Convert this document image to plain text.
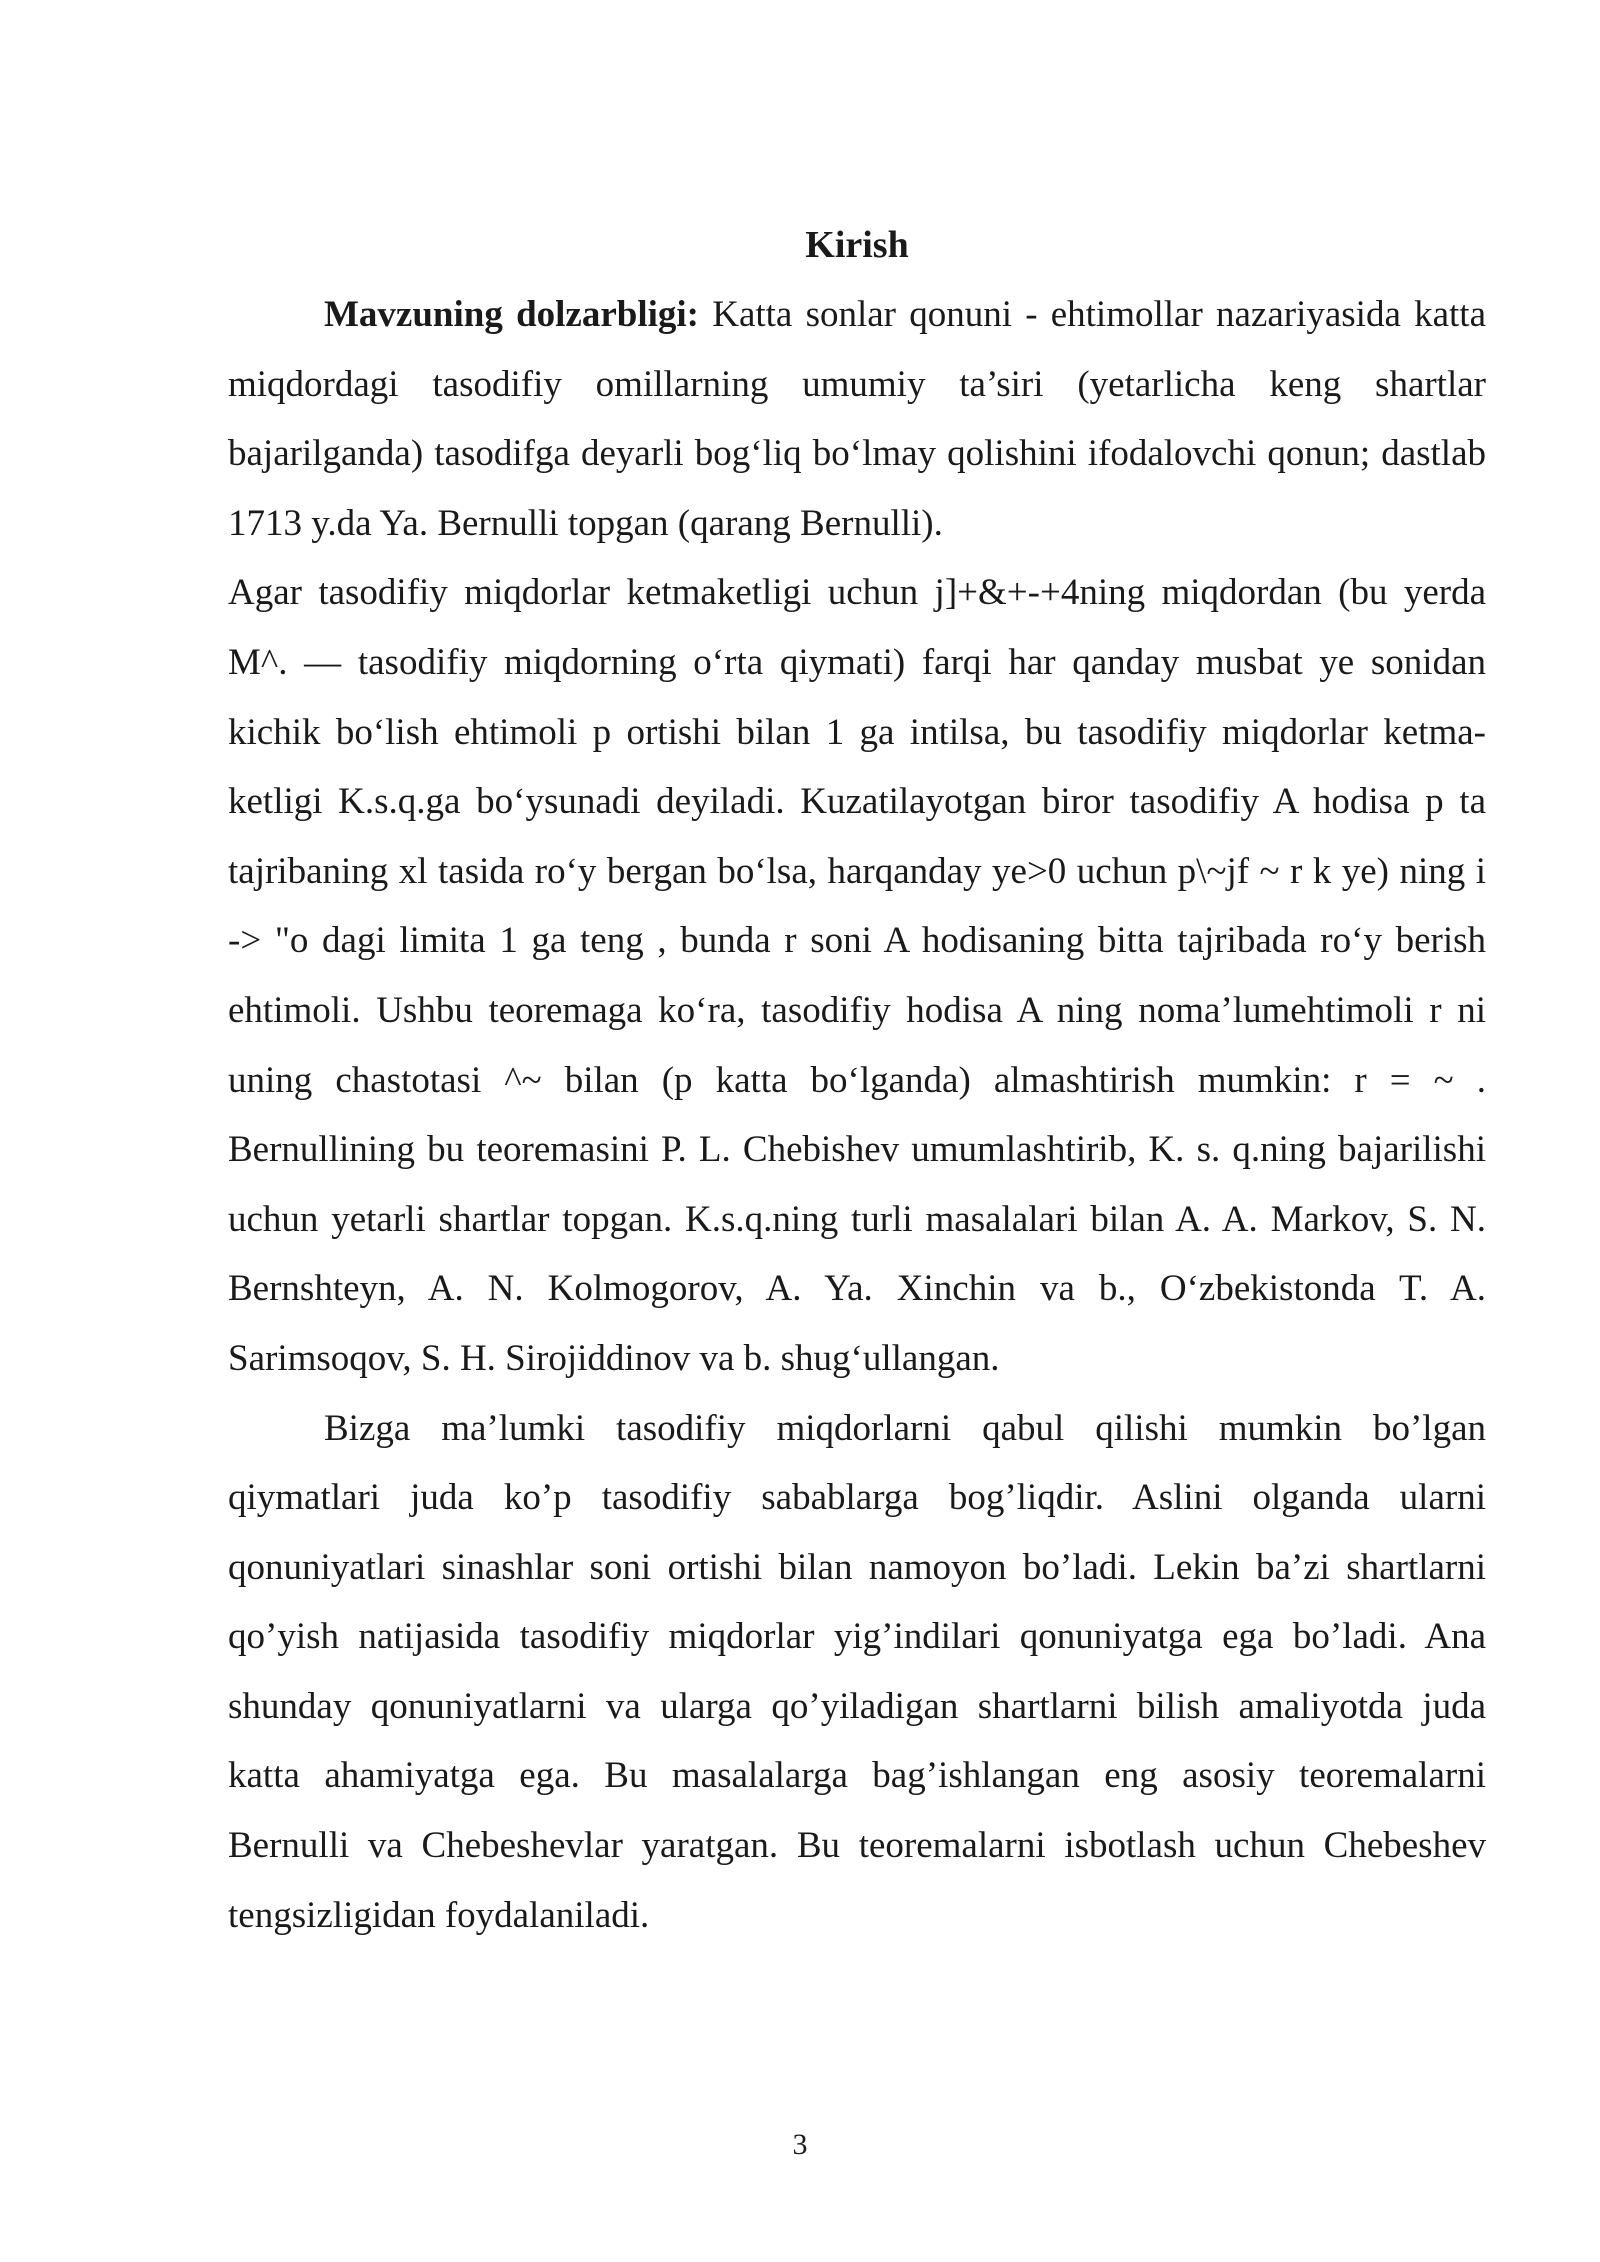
Kirish

Mavzuning dolzarbligi: Katta sonlar qonuni - ehtimollar nazariyasida katta miqdordagi tasodifiy omillarning umumiy ta’siri (yetarlicha keng shartlar bajarilganda) tasodifga deyarli bog‘liq bo‘lmay qolishini ifodalovchi qonun; dastlab 1713 y.da Ya. Bernulli topgan (qarang Bernulli).

Agar tasodifiy miqdorlar ketmaketligi uchun j]+&+-+4ning miqdordan (bu yerda M^. — tasodifiy miqdorning o‘rta qiymati) farqi har qanday musbat ye sonidan kichik bo‘lish ehtimoli p ortishi bilan 1 ga intilsa, bu tasodifiy miqdorlar ketma-ketligi K.s.q.ga bo‘ysunadi deyiladi. Kuzatilayotgan biror tasodifiy A hodisa p ta tajribaning xl tasida ro‘y bergan bo‘lsa, harqanday ye>0 uchun p\~jf ~ r k ye) ning i -> "o dagi limita 1 ga teng , bunda r soni A hodisaning bitta tajribada ro‘y berish ehtimoli. Ushbu teoremaga ko‘ra, tasodifiy hodisa A ning noma’lumehtimoli r ni uning chastotasi ^~ bilan (p katta bo‘lganda) almashtirish mumkin: r = ~ . Bernullining bu teoremasini P. L. Chebishev umumlashtirib, K. s. q.ning bajarilishi uchun yetarli shartlar topgan. K.s.q.ning turli masalalari bilan A. A. Markov, S. N. Bernshteyn, A. N. Kolmogorov, A. Ya. Xinchin va b., O‘zbekistonda T. A. Sarimsoqov, S. H. Sirojiddinov va b. shug‘ullangan.

Bizga ma’lumki tasodifiy miqdorlarni qabul qilishi mumkin bo’lgan qiymatlari juda ko’p tasodifiy sabablarga bog’liqdir. Aslini olganda ularni qonuniyatlari sinashlar soni ortishi bilan namoyon bo’ladi. Lekin ba’zi shartlarni qo’yish natijasida tasodifiy miqdorlar yig’indilari qonuniyatga ega bo’ladi. Ana shunday qonuniyatlarni va ularga qo’yiladigan shartlarni bilish amaliyotda juda katta ahamiyatga ega. Bu masalalarga bag’ishlangan eng asosiy teoremalarni Bernulli va Chebeshevlar yaratgan. Bu teoremalarni isbotlash uchun Chebeshev tengsizligidan foydalaniladi.

3
